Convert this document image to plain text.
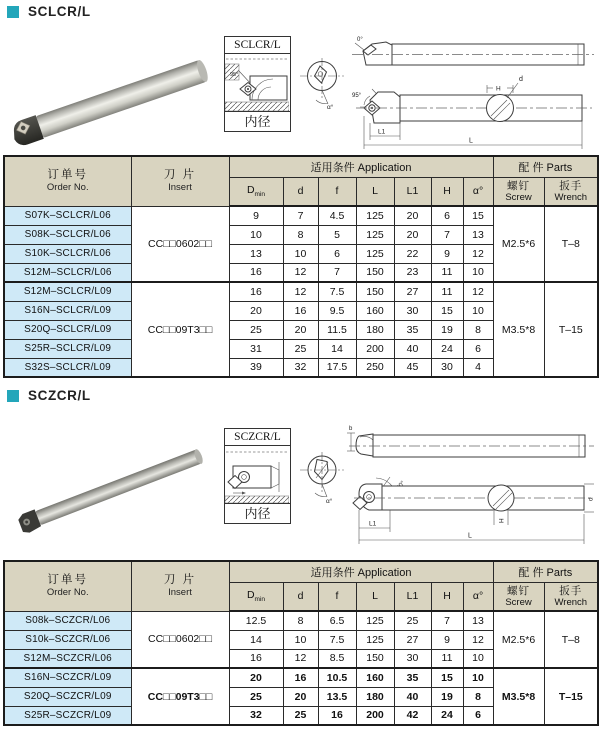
SCLCR/L
SCLCR/L
95°
内径
α°
0°
95°
H
d
L1
L
订单号
Order No.

刀 片
Insert
	适用条件 Application	配 件 Parts
$D_{min}$	d	f	L	L1	H	α°	螺钉
Screw

扳手
Wrench

S07K–SCLCR/L06	CC□□0602□□	9	7	4.5	125	20	6	15	M2.5*6	T–8
S08K–SCLCR/L06		10	8	5	125	20	7	13		
S10K–SCLCR/L06		13	10	6	125	22	9	12		
S12M–SCLCR/L06		16	12	7	150	23	11	10		
S12M–SCLCR/L09	CC□□09T3□□	16	12	7.5	150	27	11	12	M3.5*8	T–15
S16N–SCLCR/L09		20	16	9.5	160	30	15	10		
S20Q–SCLCR/L09		25	20	11.5	180	35	19	8		
S25R–SCLCR/L09		31	25	14	200	40	24	6		
S32S–SCLCR/L09		39	32	17.5	250	45	30	4		
SCZCR/L
SCZCR/L
内径
α°
b
H
d
L1
L
订单号
Order No.

刀 片
Insert
	适用条件 Application	配 件 Parts
$D_{min}$	d	f	L	L1	H	α°	螺钉
Screw

扳手
Wrench

S08k–SCZCR/L06	CC□□0602□□	12.5	8	6.5	125	25	7	13	M2.5*6	T–8
S10k–SCZCR/L06		14	10	7.5	125	27	9	12		
S12M–SCZCR/L06		16	12	8.5	150	30	11	10		
S16N–SCZCR/L09	CC□□09T3□□	20	16	10.5	160	35	15	10	M3.5*8	T–15
S20Q–SCZCR/L09		25	20	13.5	180	40	19	8		
S25R–SCZCR/L09		32	25	16	200	42	24	6		
